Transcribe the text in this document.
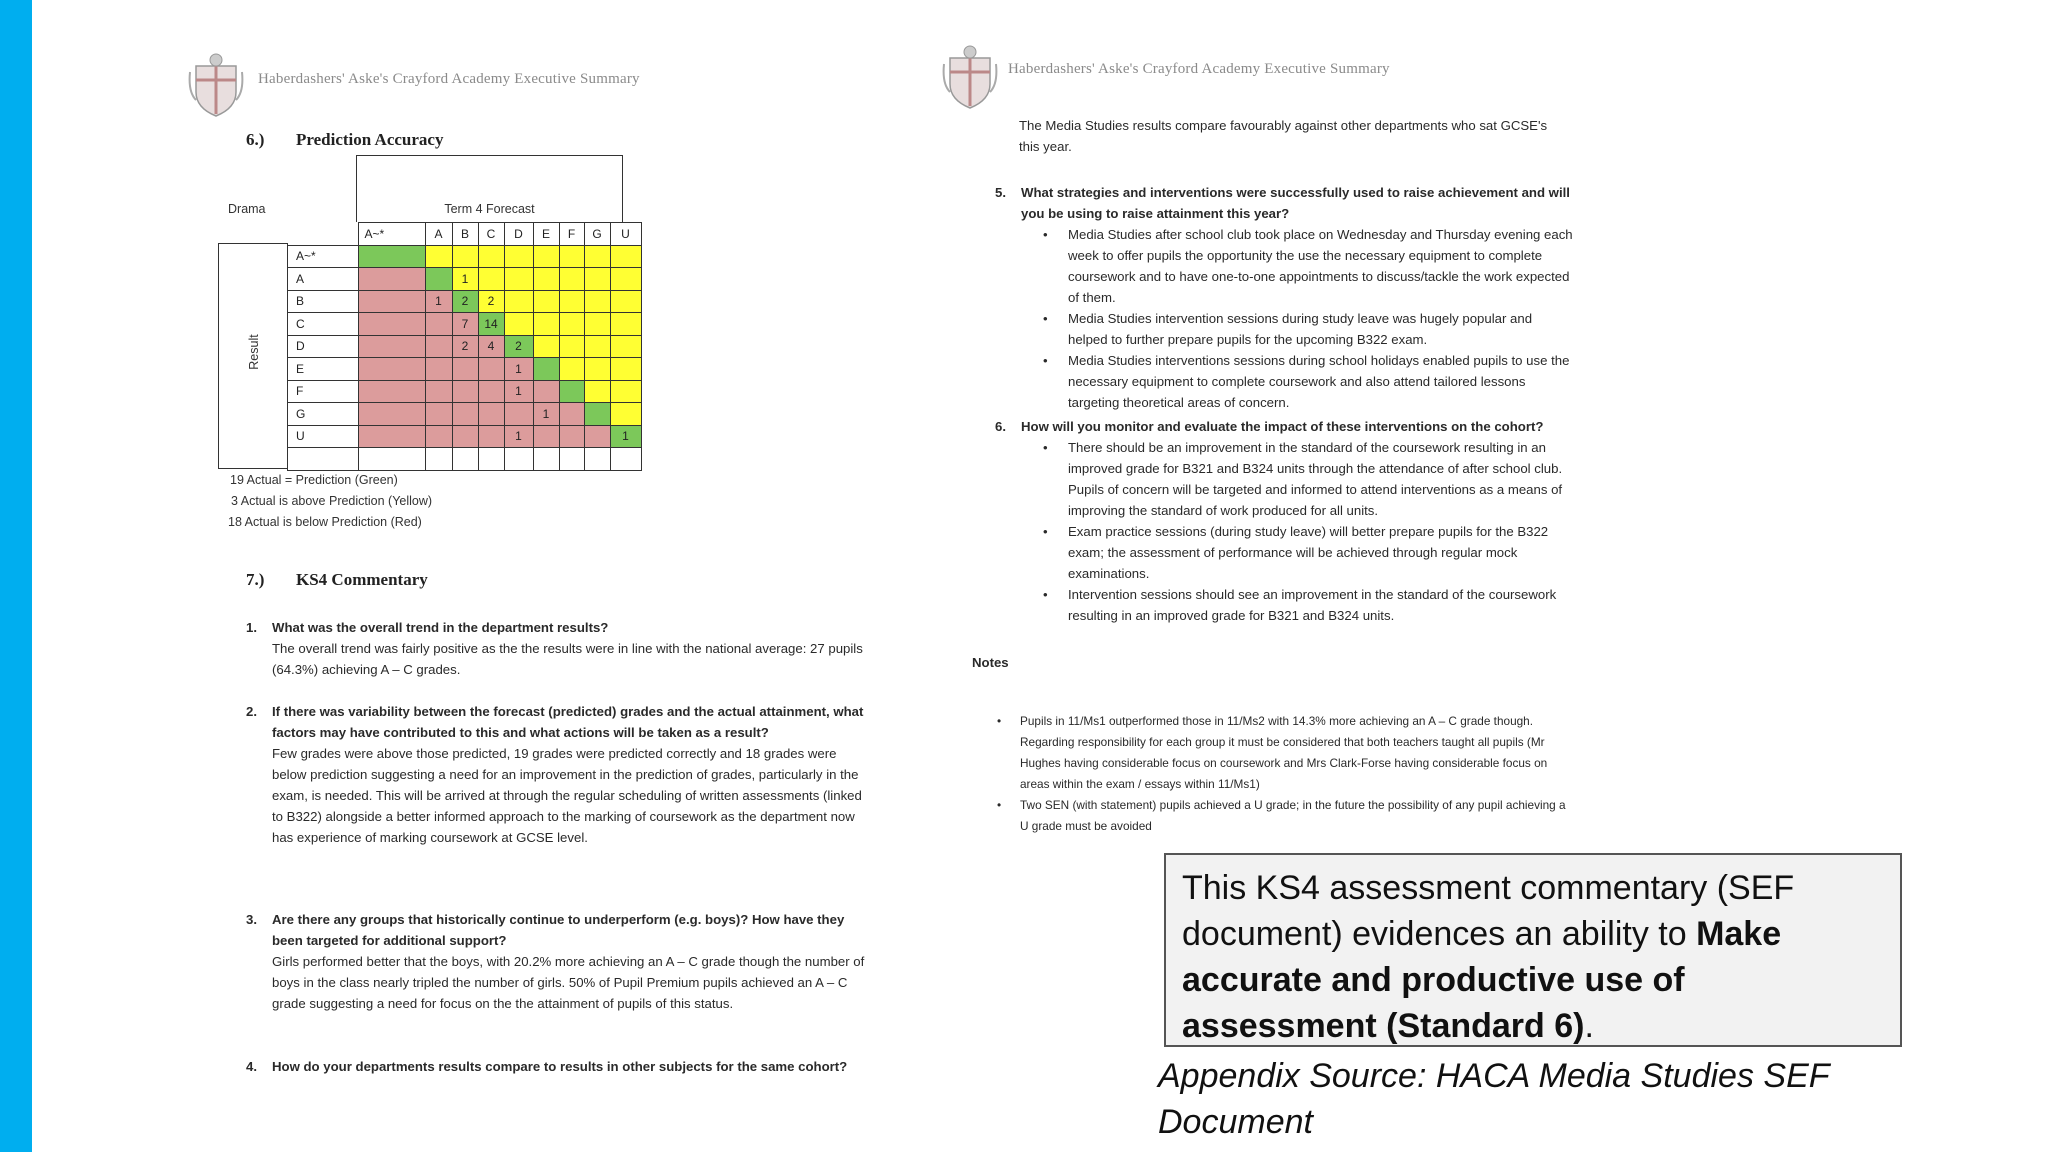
Haberdashers' Aske's Crayford Academy Executive Summary
6.) Prediction Accuracy
Drama	Term 4 Forecast
Result
	A~*	A	B	C	D	E	F	G	U
A~*									
A			1						
B		1	2	2					
C			7	14					
D			2	4	2				
E					1				
F					1				
G						1			
U					1				1

19 Actual = Prediction (Green)
3 Actual is above Prediction (Yellow)
18 Actual is below Prediction (Red)
7.) KS4 Commentary
1. What was the overall trend in the department results?
The overall trend was fairly positive as the the results were in line with the national average: 27 pupils (64.3%) achieving A – C grades.
2. If there was variability between the forecast (predicted) grades and the actual attainment, what factors may have contributed to this and what actions will be taken as a result?
Few grades were above those predicted, 19 grades were predicted correctly and 18 grades were below prediction suggesting a need for an improvement in the prediction of grades, particularly in the exam, is needed. This will be arrived at through the regular scheduling of written assessments (linked to B322) alongside a better informed approach to the marking of coursework as the department now has experience of marking coursework at GCSE level.
3. Are there any groups that historically continue to underperform (e.g. boys)? How have they been targeted for additional support?
Girls performed better that the boys, with 20.2% more achieving an A – C grade though the number of boys in the class nearly tripled the number of girls. 50% of Pupil Premium pupils achieved an A – C grade suggesting a need for focus on the the attainment of pupils of this status.
4. How do your departments results compare to results in other subjects for the same cohort?
Haberdashers' Aske's Crayford Academy Executive Summary
The Media Studies results compare favourably against other departments who sat GCSE's this year.
5. What strategies and interventions were successfully used to raise achievement and will you be using to raise attainment this year?
• Media Studies after school club took place on Wednesday and Thursday evening each week to offer pupils the opportunity the use the necessary equipment to complete coursework and to have one-to-one appointments to discuss/tackle the work expected of them.
• Media Studies intervention sessions during study leave was hugely popular and helped to further prepare pupils for the upcoming B322 exam.
• Media Studies interventions sessions during school holidays enabled pupils to use the necessary equipment to complete coursework and also attend tailored lessons targeting theoretical areas of concern.
6. How will you monitor and evaluate the impact of these interventions on the cohort?
• There should be an improvement in the standard of the coursework resulting in an improved grade for B321 and B324 units through the attendance of after school club. Pupils of concern will be targeted and informed to attend interventions as a means of improving the standard of work produced for all units.
• Exam practice sessions (during study leave) will better prepare pupils for the B322 exam; the assessment of performance will be achieved through regular mock examinations.
• Intervention sessions should see an improvement in the standard of the coursework resulting in an improved grade for B321 and B324 units.
Notes
• Pupils in 11/Ms1 outperformed those in 11/Ms2 with 14.3% more achieving an A – C grade though. Regarding responsibility for each group it must be considered that both teachers taught all pupils (Mr Hughes having considerable focus on coursework and Mrs Clark-Forse having considerable focus on areas within the exam / essays within 11/Ms1)
• Two SEN (with statement) pupils achieved a U grade; in the future the possibility of any pupil achieving a U grade must be avoided
This KS4 assessment commentary (SEF document) evidences an ability to Make accurate and productive use of assessment (Standard 6).
Appendix Source: HACA Media Studies SEF Document
